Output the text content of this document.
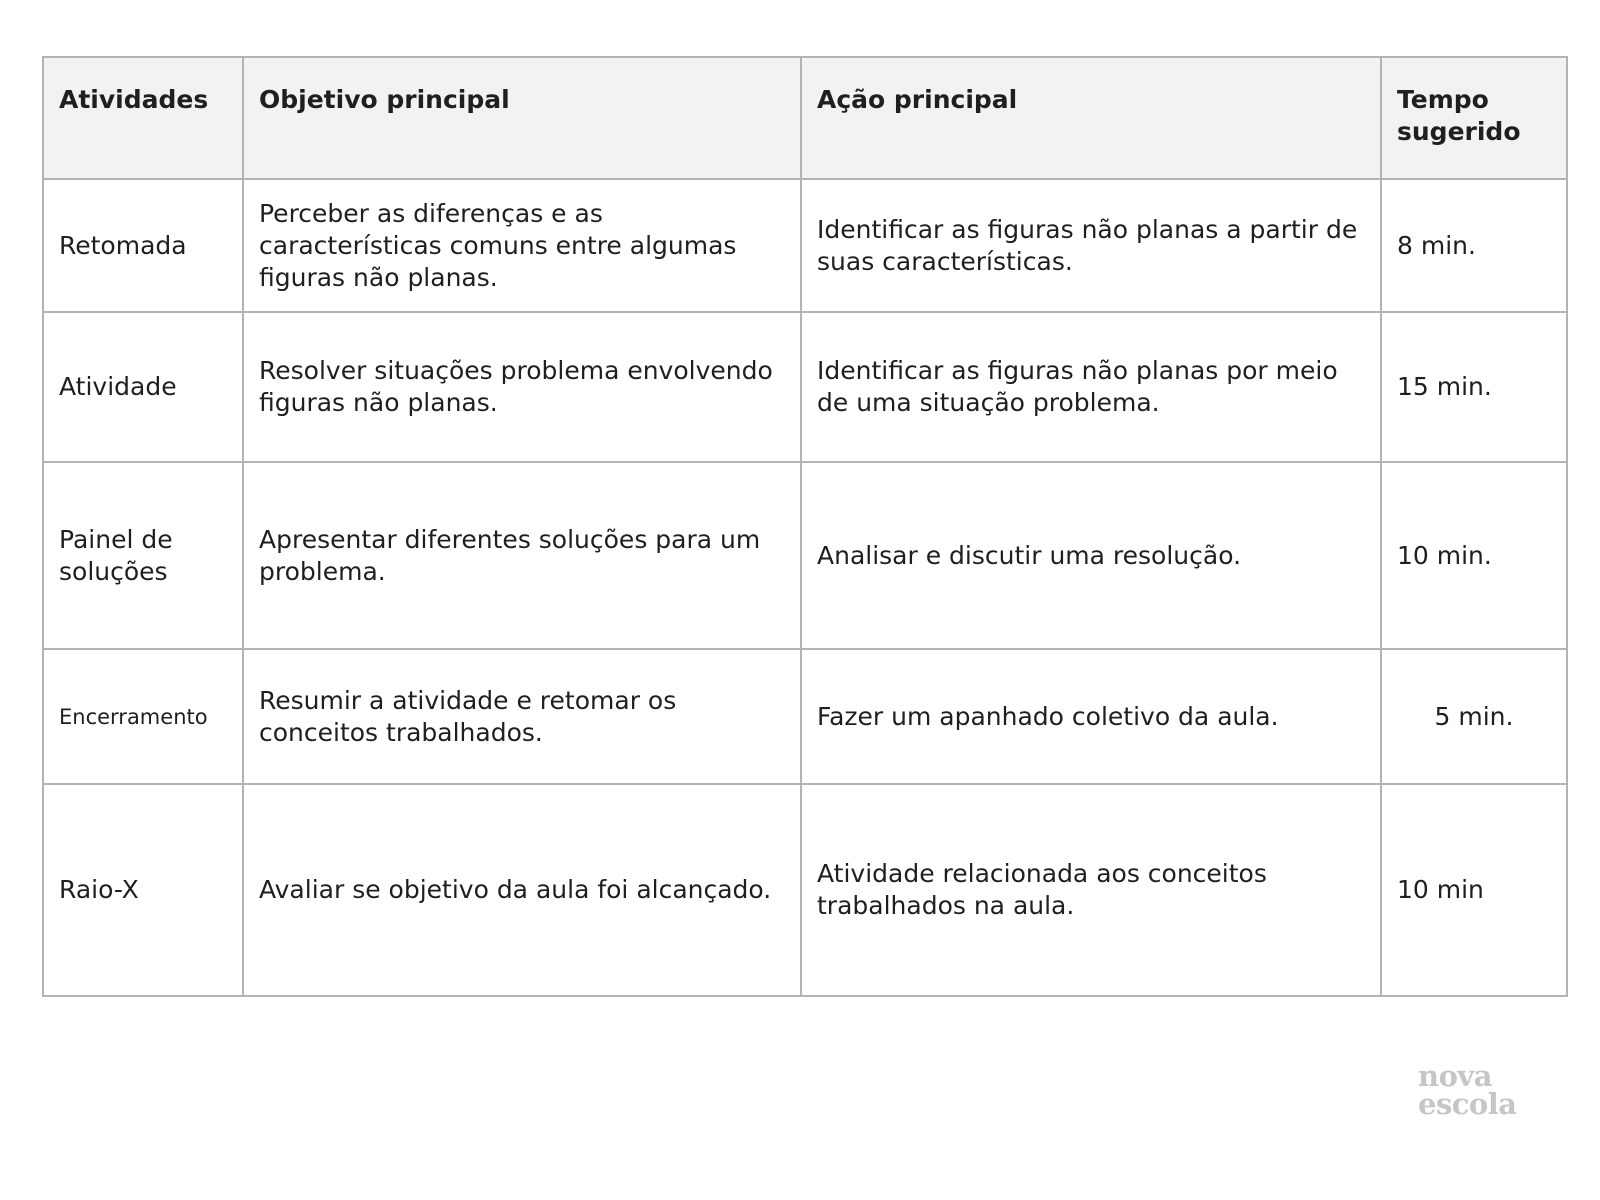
Atividades	Objetivo principal	Ação principal	Tempo sugerido
Retomada	Perceber as diferenças e as características comuns entre algumas figuras não planas.	Identificar as figuras não planas a partir de suas características.	8 min.
Atividade	Resolver situações problema envolvendo figuras não planas.	Identificar as figuras não planas por meio de uma situação problema.	15 min.
Painel de soluções	Apresentar diferentes soluções para um problema.	Analisar e discutir uma resolução.	10 min.
Encerramento	Resumir a atividade e retomar os conceitos trabalhados.	Fazer um apanhado coletivo da aula.	5 min.
Raio-X	Avaliar se objetivo da aula foi alcançado.	Atividade relacionada aos conceitos trabalhados na aula.	10 min
nova
escola
